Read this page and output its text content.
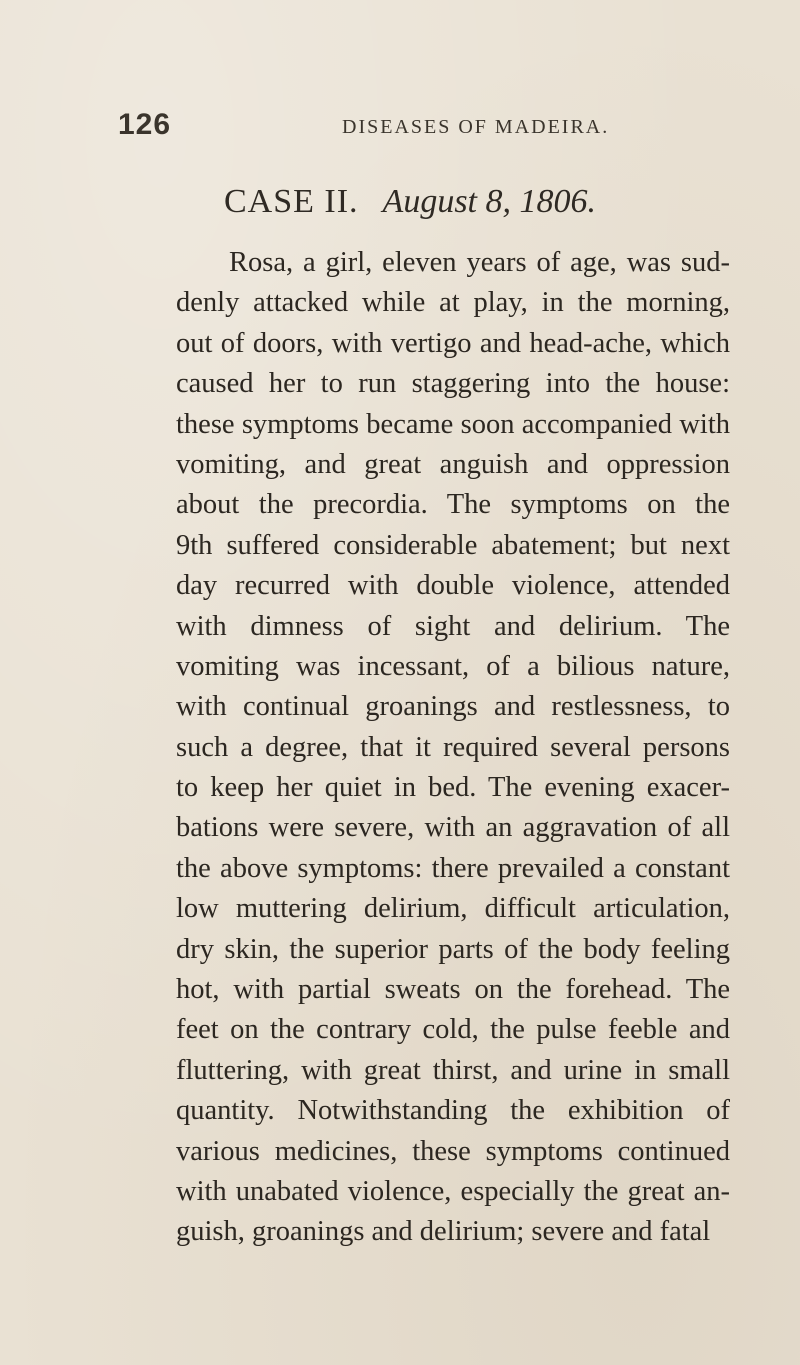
126	DISEASES OF MADEIRA.
CASE II. August 8, 1806.
Rosa, a girl, eleven years of age, was sud-
denly attacked while at play, in the morning,
out of doors, with vertigo and head-ache, which
caused her to run staggering into the house:
these symptoms became soon accompanied with
vomiting, and great anguish and oppression
about the precordia. The symptoms on the
9th suffered considerable abatement; but next
day recurred with double violence, attended
with dimness of sight and delirium. The
vomiting was incessant, of a bilious nature,
with continual groanings and restlessness, to
such a degree, that it required several persons
to keep her quiet in bed. The evening exacer-
bations were severe, with an aggravation of all
the above symptoms: there prevailed a constant
low muttering delirium, difficult articulation,
dry skin, the superior parts of the body feeling
hot, with partial sweats on the forehead. The
feet on the contrary cold, the pulse feeble and
fluttering, with great thirst, and urine in small
quantity. Notwithstanding the exhibition of
various medicines, these symptoms continued
with unabated violence, especially the great an-
guish, groanings and delirium; severe and fatal
